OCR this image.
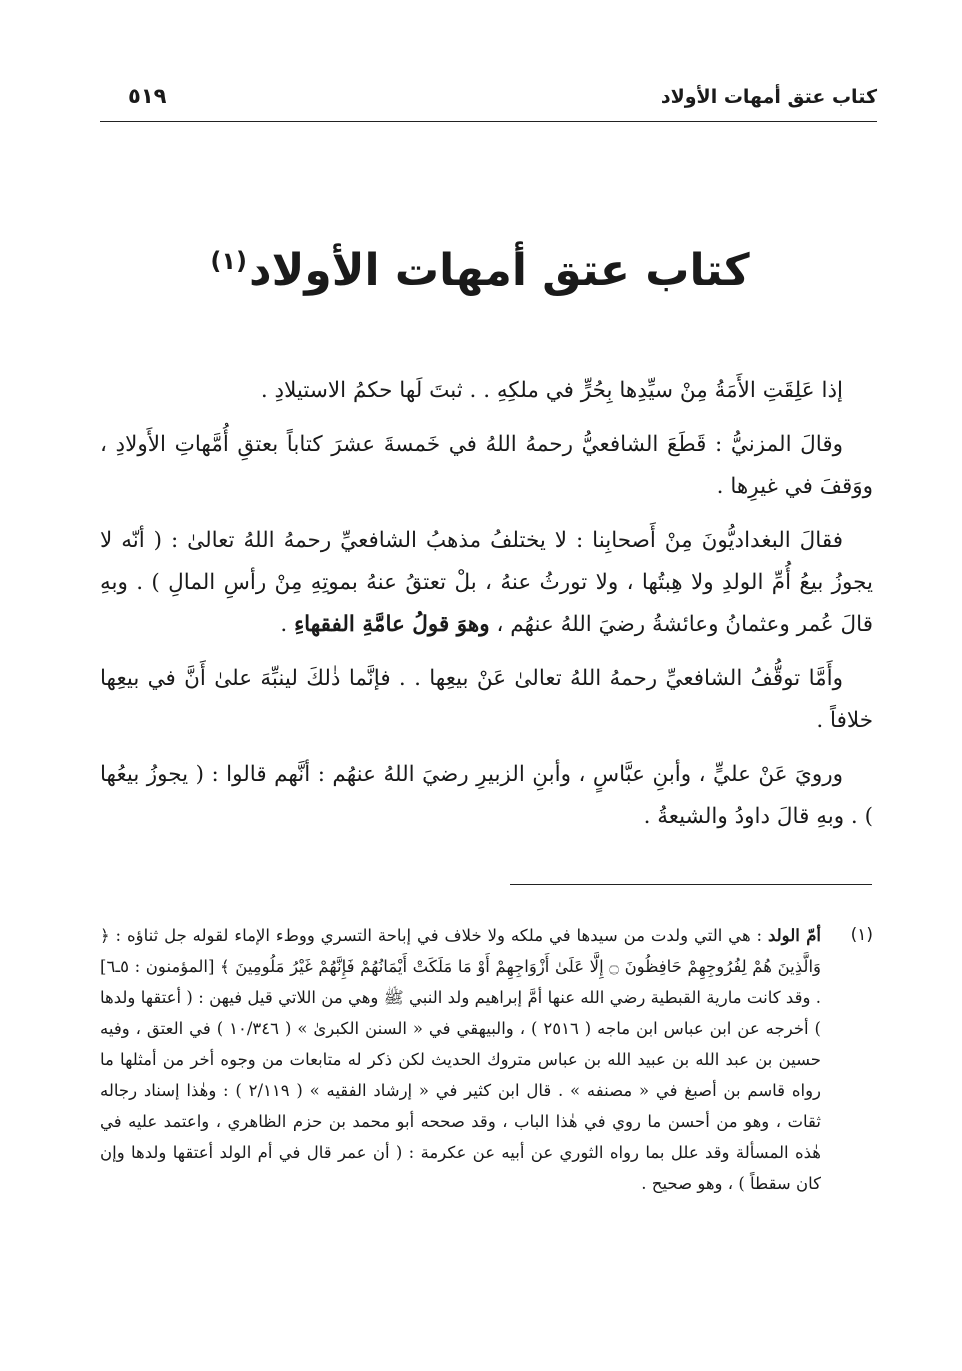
كتاب عتق أمهات الأولاد
٥١٩
كتاب عتق أمهات الأولاد$^{(١)}$

إذا عَلِقَتِ الأَمَةُ مِنْ سيِّدِها بِحُرٍّ في ملكِهِ . . ثبتَ لَها حكمُ الاستيلادِ .

وقالَ المزنيُّ : قَطَعَ الشافعيُّ رحمهُ اللهُ في خَمسةَ عشرَ كتاباً بعتقِ أُمَّهاتِ الأَولادِ ، ووَقفَ في غيرِها .

فقالَ البغداديُّونَ مِنْ أَصحابِنا : لا يختلفُ مذهبُ الشافعيِّ رحمهُ اللهُ تعالىٰ : ( أنّه لا يجوزُ بيعُ أُمِّ الولدِ ولا هِبتُها ، ولا تورثُ عنهُ ، بلْ تعتقُ عنهُ بموتِهِ مِنْ رأسِ المالِ ) . وبهِ قالَ عُمر وعثمانُ وعائشةُ رضيَ اللهُ عنهُم ، وهوَ قولُ عامَّةِ الفقهاءِ .

وأَمَّا توقُّفُ الشافعيِّ رحمهُ اللهُ تعالىٰ عَنْ بيعِها . . فإنَّما ذٰلكَ لينبِّهَ علىٰ أَنَّ في بيعِها خلافاً .

ورويَ عَنْ عليٍّ ، وأبنِ عبَّاسٍ ، وأبنِ الزبيرِ رضيَ اللهُ عنهُم : أنَّهم قالوا : ( يجوزُ بيعُها ) . وبهِ قالَ داودُ والشيعةُ .

(١)

أمّ الولد : هي التي ولدت من سيدها في ملكه ولا خلاف في إباحة التسري ووطء الإماء لقوله جل ثناؤه : ﴿ وَالَّذِينَ هُمْ لِفُرُوجِهِمْ حَافِظُونَ ۝ إِلَّا عَلَىٰ أَزْوَاجِهِمْ أَوْ مَا مَلَكَتْ أَيْمَانُهُمْ فَإِنَّهُمْ غَيْرُ مَلُومِينَ ﴾ [المؤمنون : ٥ـ٦] . وقد كانت مارية القبطية رضي الله عنها أمَّ إبراهيم ولد النبي ﷺ وهي من اللاتي قيل فيهن : ( أعتقها ولدها ) أخرجه عن ابن عباس ابن ماجه ( ٢٥١٦ ) ، والبيهقي في « السنن الكبرىٰ » ( ١٠/٣٤٦ ) في العتق ، وفيه حسين بن عبد الله بن عبيد الله بن عباس متروك الحديث لكن ذكر له متابعات من وجوه أخر من أمثلها ما رواه قاسم بن أصبغ في « مصنفه » . قال ابن كثير في « إرشاد الفقيه » ( ٢/١١٩ ) : وهٰذا إسناد رجاله ثقات ، وهو من أحسن ما روي في هٰذا الباب ، وقد صححه أبو محمد بن حزم الظاهري ، واعتمد عليه في هٰذه المسألة وقد علل بما رواه الثوري عن أبيه عن عكرمة : ( أن عمر قال في أم الولد أعتقها ولدها وإن كان سقطاً ) ، وهو صحيح .
